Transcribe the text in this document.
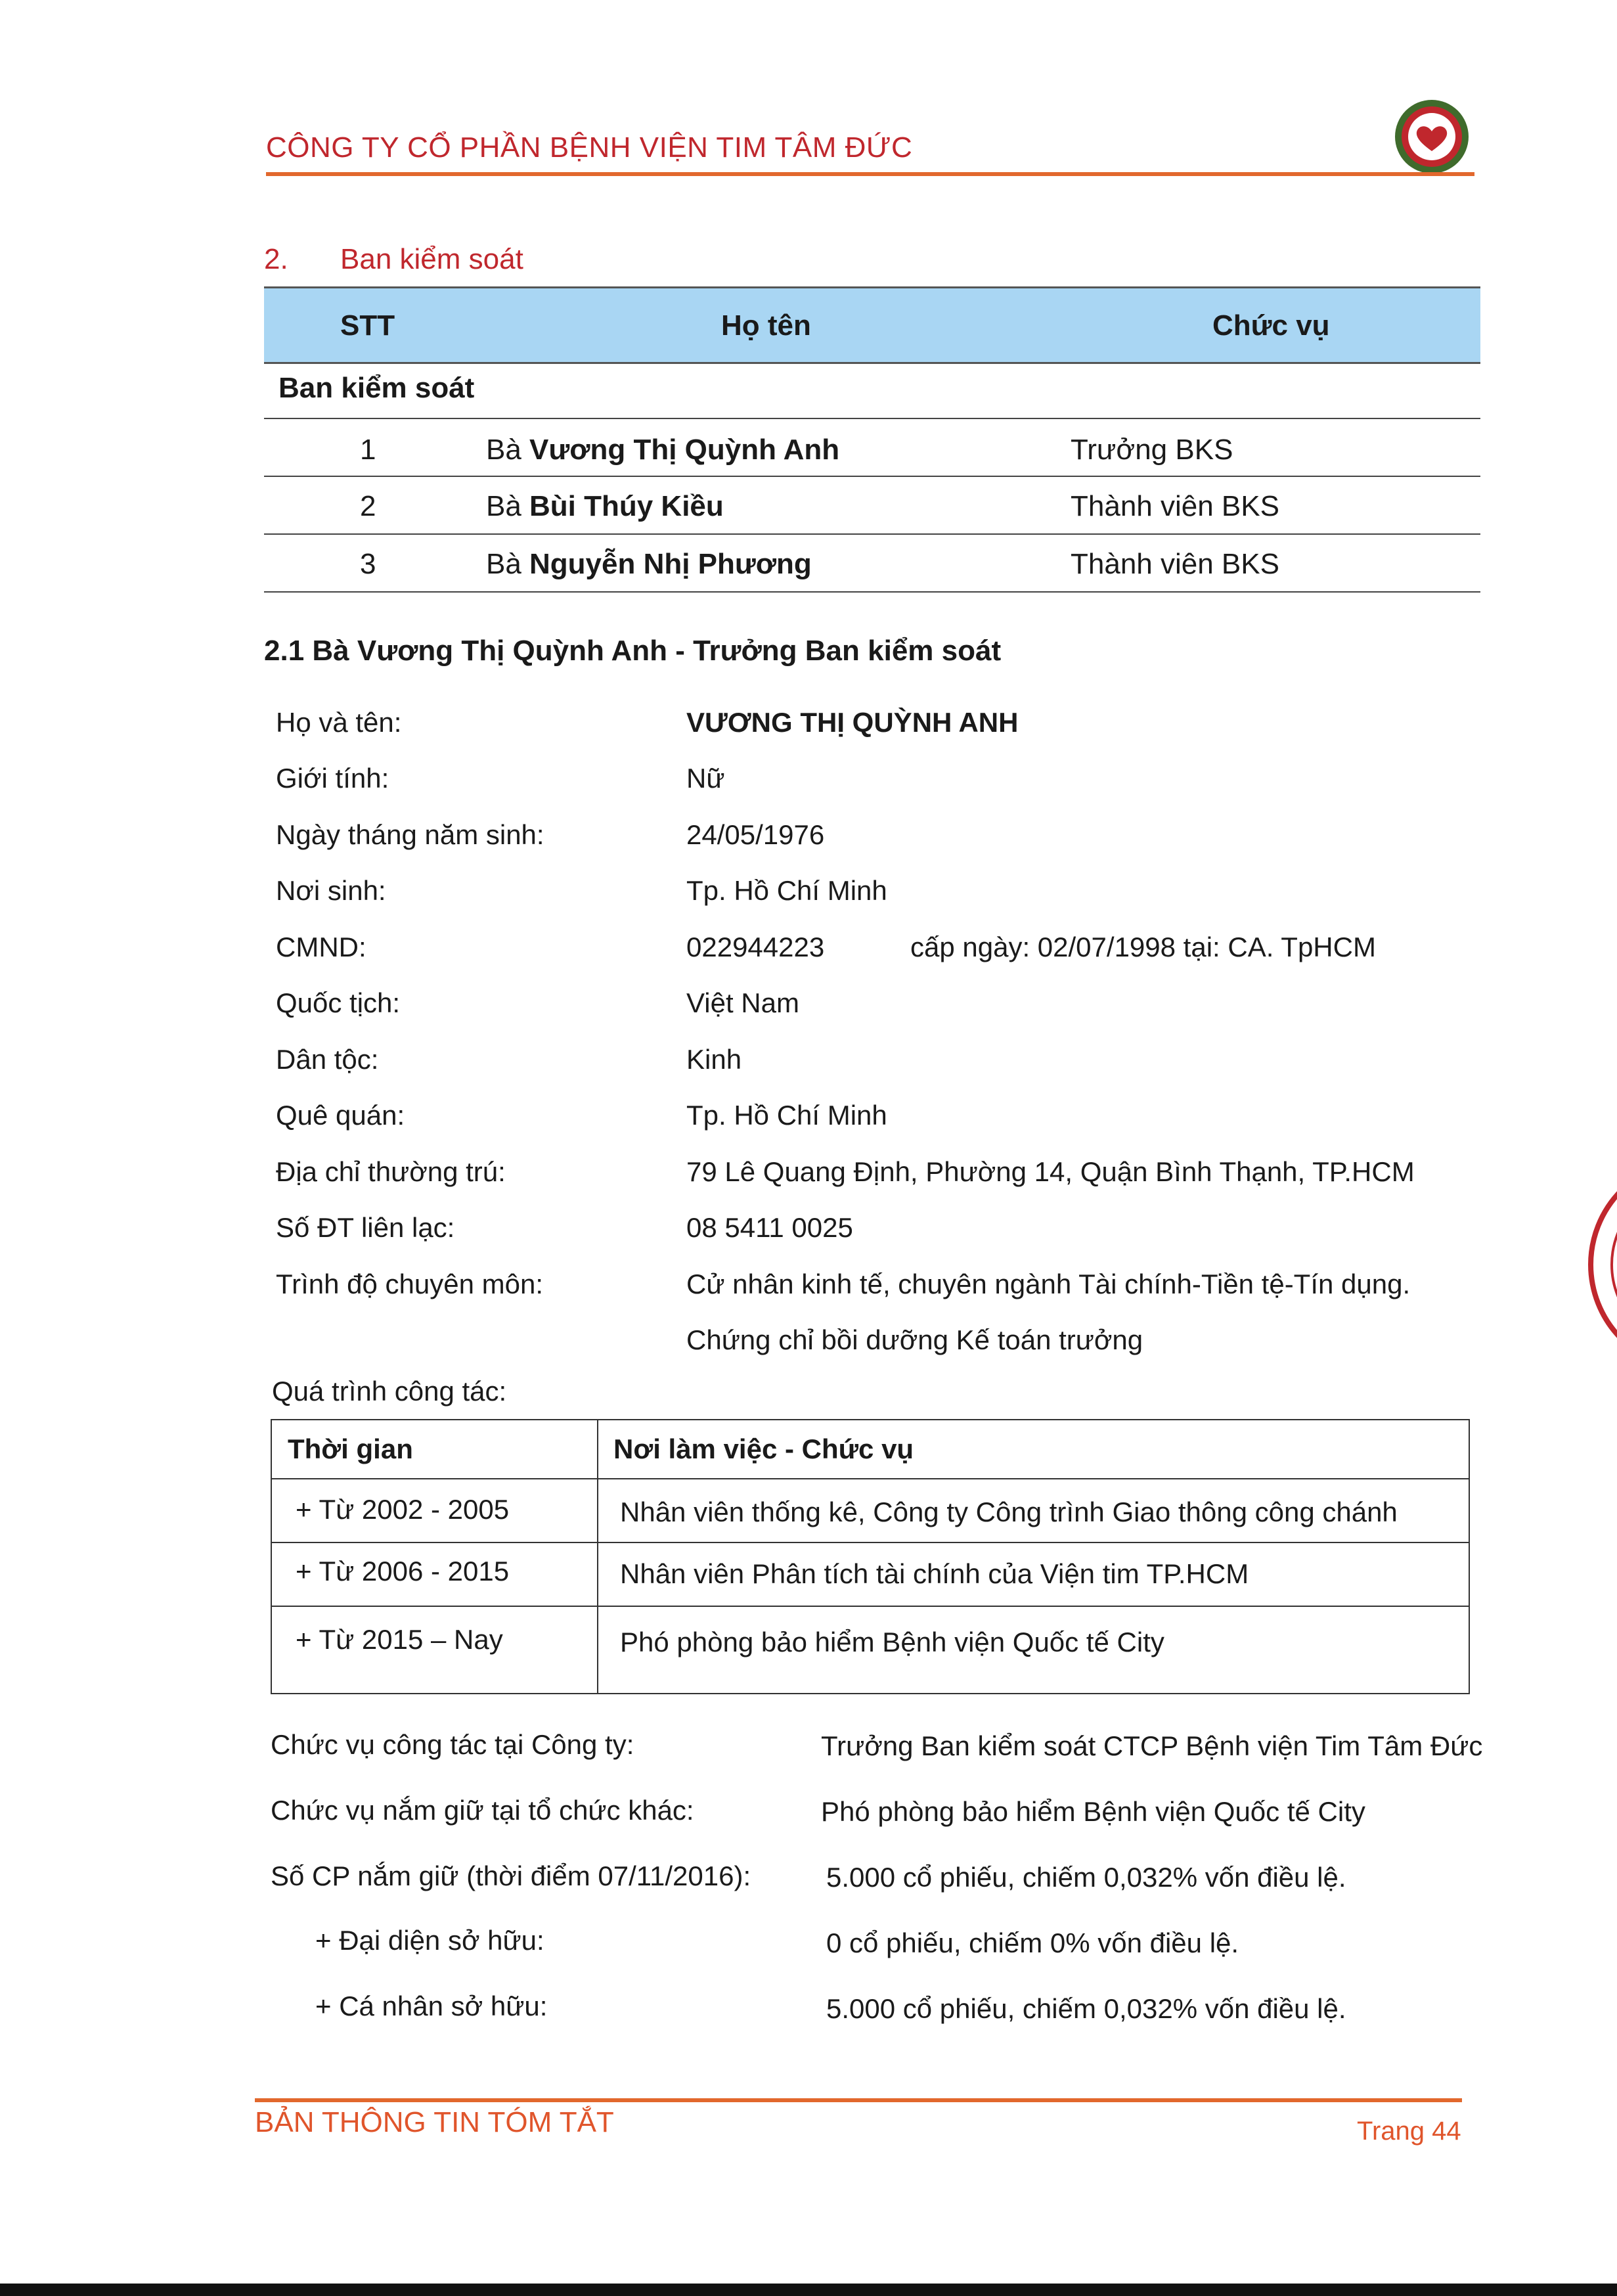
CÔNG TY CỔ PHẦN BỆNH VIỆN TIM TÂM ĐỨC
2. Ban kiểm soát
STT	Họ tên	Chức vụ
Ban kiểm soát
1	Bà Vương Thị Quỳnh Anh	Trưởng BKS
2	Bà Bùi Thúy Kiều	Thành viên BKS
3	Bà Nguyễn Nhị Phương	Thành viên BKS
2.1 Bà Vương Thị Quỳnh Anh - Trưởng Ban kiểm soát
Họ và tên:	VƯƠNG THỊ QUỲNH ANH
Giới tính:	Nữ
Ngày tháng năm sinh:	24/05/1976
Nơi sinh:	Tp. Hồ Chí Minh
CMND:	022944223	cấp ngày: 02/07/1998 tại: CA. TpHCM
Quốc tịch:	Việt Nam
Dân tộc:	Kinh
Quê quán:	Tp. Hồ Chí Minh
Địa chỉ thường trú:	79 Lê Quang Định, Phường 14, Quận Bình Thạnh, TP.HCM
Số ĐT liên lạc:	08 5411 0025
Trình độ chuyên môn:	Cử nhân kinh tế, chuyên ngành Tài chính-Tiền tệ-Tín dụng.
Chứng chỉ bồi dưỡng Kế toán trưởng
Quá trình công tác:
Thời gian	Nơi làm việc - Chức vụ
+ Từ 2002 - 2005	Nhân viên thống kê, Công ty Công trình Giao thông công chánh
+ Từ 2006 - 2015	Nhân viên Phân tích tài chính của Viện tim TP.HCM
+ Từ 2015 – Nay	Phó phòng bảo hiểm Bệnh viện Quốc tế City
Chức vụ công tác tại Công ty:	Trưởng Ban kiểm soát CTCP Bệnh viện Tim Tâm Đức
Chức vụ nắm giữ tại tổ chức khác:	Phó phòng bảo hiểm Bệnh viện Quốc tế City
Số CP nắm giữ (thời điểm 07/11/2016):	5.000 cổ phiếu, chiếm 0,032% vốn điều lệ.
+ Đại diện sở hữu:	0 cổ phiếu, chiếm 0% vốn điều lệ.
+ Cá nhân sở hữu:	5.000 cổ phiếu, chiếm 0,032% vốn điều lệ.
BẢN THÔNG TIN TÓM TẮT	Trang 44
